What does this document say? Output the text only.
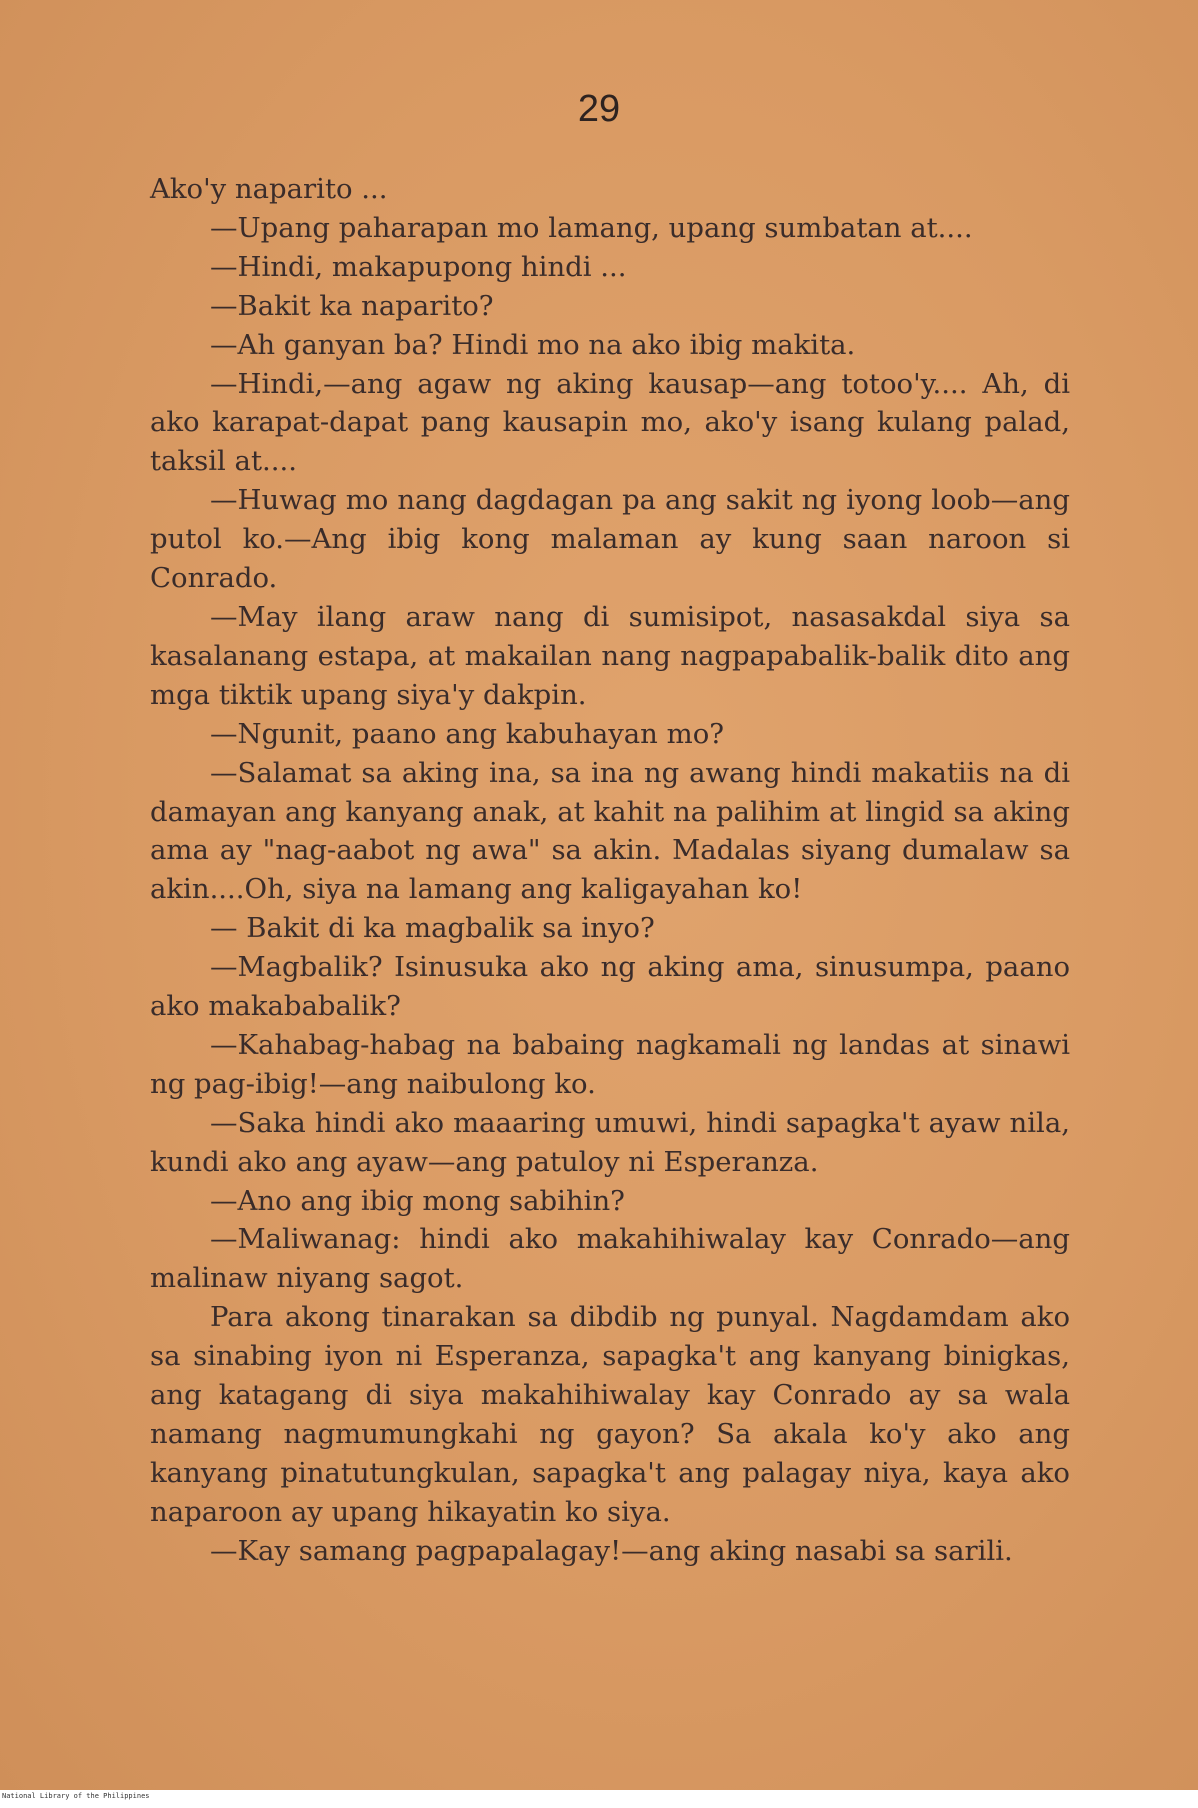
29

Ako'y naparito ...

—Upang paharapan mo lamang, upang sumbatan at....

—Hindi, makapupong hindi ...

—Bakit ka naparito?

—Ah ganyan ba? Hindi mo na ako ibig makita.

—Hindi,—ang agaw ng aking kausap—ang totoo'y.... Ah, di ako karapat-dapat pang kausapin mo, ako'y isang kulang palad, taksil at....

—Huwag mo nang dagdagan pa ang sakit ng iyong loob—ang putol ko.—Ang ibig kong malaman ay kung saan naroon si Conrado.

—May ilang araw nang di sumisipot, nasasakdal siya sa kasalanang estapa, at makailan nang nagpapabalik-balik dito ang mga tiktik upang siya'y dakpin.

—Ngunit, paano ang kabuhayan mo?

—Salamat sa aking ina, sa ina ng awang hindi makatiis na di damayan ang kanyang anak, at kahit na palihim at lingid sa aking ama ay "nag-aabot ng awa" sa akin. Madalas siyang dumalaw sa akin....Oh, siya na lamang ang kaligayahan ko!

— Bakit di ka magbalik sa inyo?

—Magbalik? Isinusuka ako ng aking ama, sinusumpa, paano ako makababalik?

—Kahabag-habag na babaing nagkamali ng landas at sinawi ng pag-ibig!—ang naibulong ko.

—Saka hindi ako maaaring umuwi, hindi sapagka't ayaw nila, kundi ako ang ayaw—ang patuloy ni Esperanza.

—Ano ang ibig mong sabihin?

—Maliwanag: hindi ako makahihiwalay kay Conrado—ang malinaw niyang sagot.

Para akong tinarakan sa dibdib ng punyal. Nagdamdam ako sa sinabing iyon ni Esperanza, sapagka't ang kanyang binigkas, ang katagang di siya makahihiwalay kay Conrado ay sa wala namang nagmumungkahi ng gayon? Sa akala ko'y ako ang kanyang pinatutungkulan, sapagka't ang palagay niya, kaya ako naparoon ay upang hikayatin ko siya.

—Kay samang pagpapalagay!—ang aking nasabi sa sarili.

National Library of the Philippines
